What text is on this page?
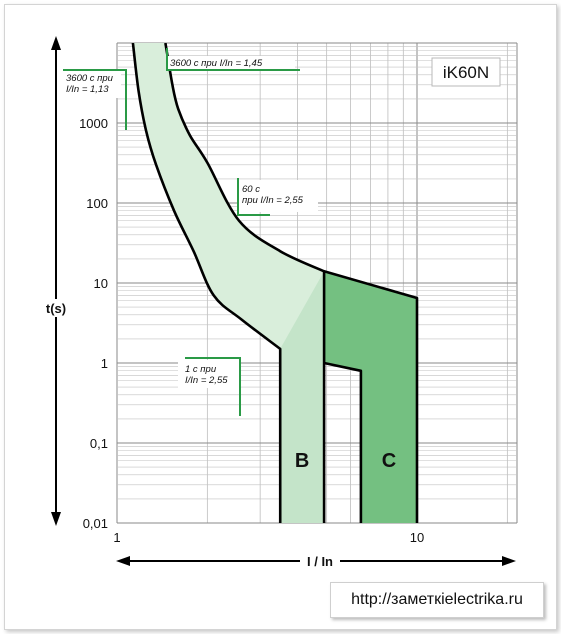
3600 с при I/In = 1,45
3600 с при
I/In = 1,13
60 с
при I/In = 2,55
1 с при
I/In = 2,55
1000
100
10
1
0,1
0,01
1	10
B	C
iK60N
t(s)
I / In
http://заметкielectrika.ru
